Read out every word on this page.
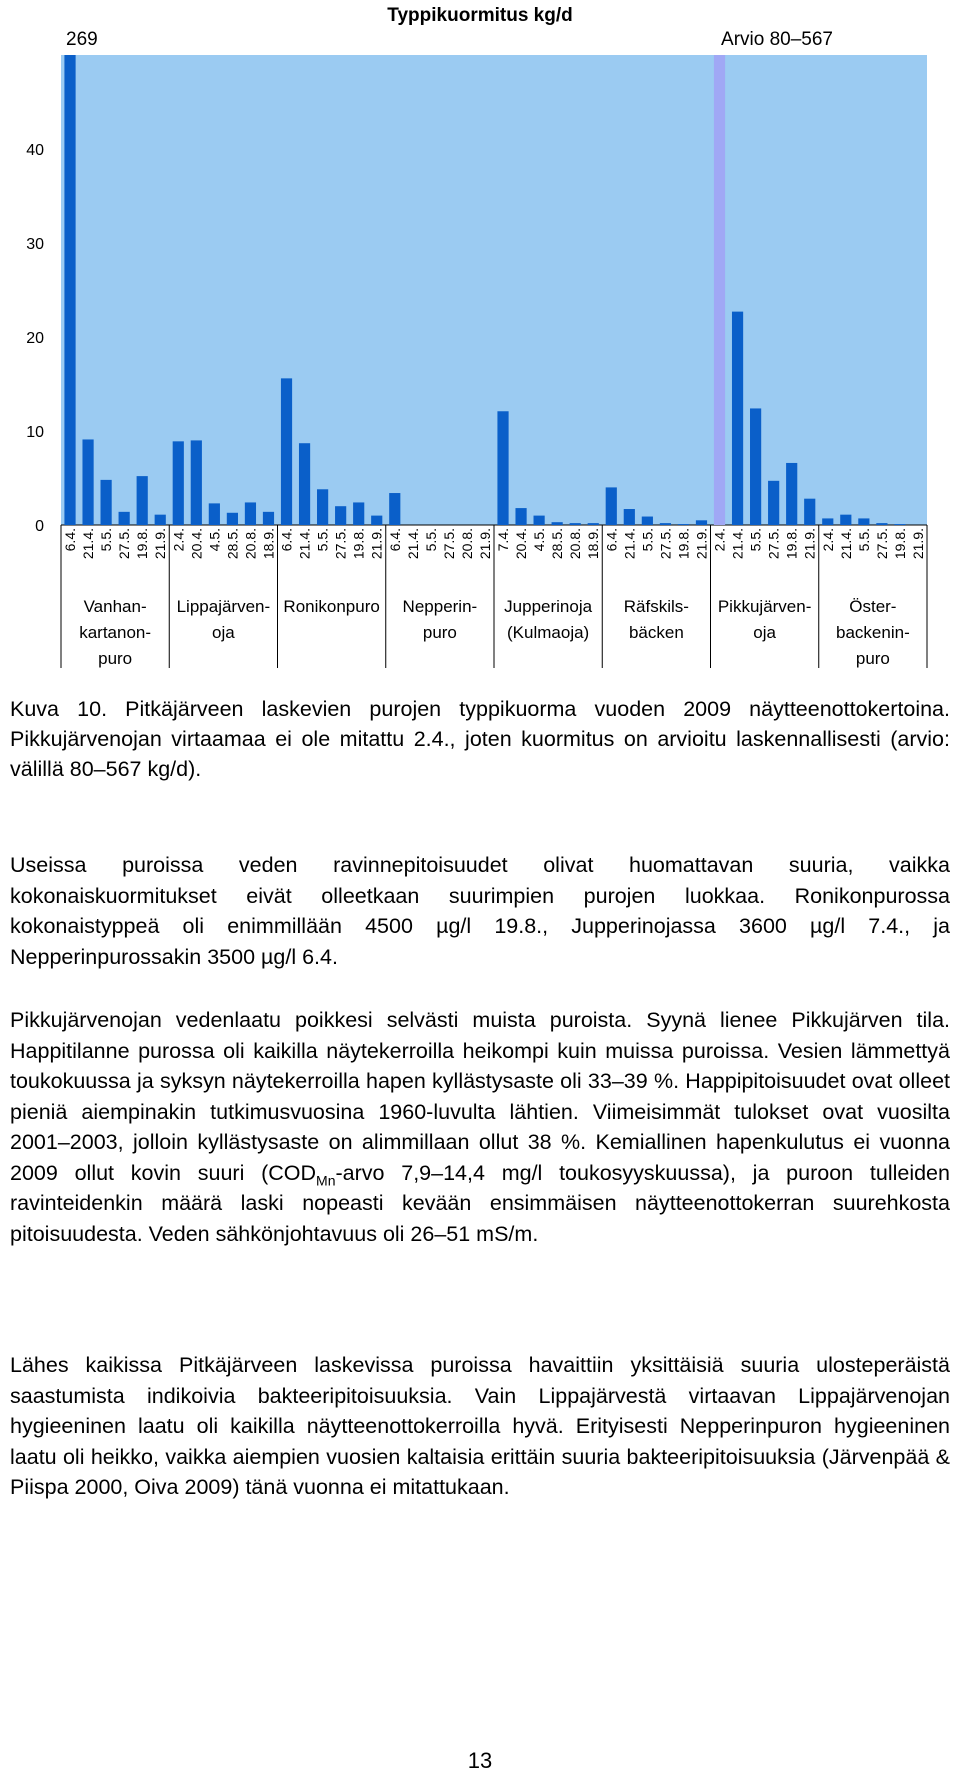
Typpikuormitus kg/d
0
10
20
30
40
6.4. 21.4. 5.5. 27.5. 19.8. 21.9. 2.4. 20.4. 4.5. 28.5. 20.8. 18.9. 6.4. 21.4. 5.5. 27.5. 19.8. 21.9. 6.4. 21.4. 5.5. 27.5. 20.8. 21.9. 7.4. 20.4. 4.5. 28.5. 20.8. 18.9. 6.4. 21.4. 5.5. 27.5. 19.8. 21.9. 2.4. 21.4. 5.5. 27.5. 19.8. 21.9. 2.4. 21.4. 5.5. 27.5. 19.8. 21.9.
Vanhan-
kartanon-
puro
Lippajärven-
oja
Ronikonpuro Nepperin-
puro
Jupperinoja
(Kulmaoja)
Räfskils-
bäcken
Pikkujärven-
oja
Öster-
backenin-
puro
269	Arvio 80–567

Kuva 10. Pitkäjärveen laskevien purojen typpikuorma vuoden 2009 näytteenottokertoina. Pikkujärvenojan virtaamaa ei ole mitattu 2.4., joten kuormitus on arvioitu laskennallisesti (arvio: välillä 80–567 kg/d).

Useissa puroissa veden ravinnepitoisuudet olivat huomattavan suuria, vaikka kokonaiskuormitukset eivät olleetkaan suurimpien purojen luokkaa. Ronikonpurossa kokonaistyppeä oli enimmillään 4500 µg/l 19.8., Jupperinojassa 3600 µg/l 7.4., ja Nepperinpurossakin 3500 µg/l 6.4.

Pikkujärvenojan vedenlaatu poikkesi selvästi muista puroista. Syynä lienee Pikkujärven tila. Happitilanne purossa oli kaikilla näytekerroilla heikompi kuin muissa puroissa. Vesien lämmettyä toukokuussa ja syksyn näytekerroilla hapen kyllästysaste oli 33–39 %. Happipitoisuudet ovat olleet pieniä aiempinakin tutkimusvuosina 1960-luvulta lähtien. Viimeisimmät tulokset ovat vuosilta 2001–2003, jolloin kyllästysaste on alimmillaan ollut 38 %. Kemiallinen hapenkulutus ei vuonna 2009 ollut kovin suuri ($COD_{Mn}$-arvo 7,9–14,4 mg/l toukosyyskuussa), ja puroon tulleiden ravinteidenkin määrä laski nopeasti kevään ensimmäisen näytteenottokerran suurehkosta pitoisuudesta. Veden sähkönjohtavuus oli 26–51 mS/m.

Lähes kaikissa Pitkäjärveen laskevissa puroissa havaittiin yksittäisiä suuria ulosteperäistä saastumista indikoivia bakteeripitoisuuksia. Vain Lippajärvestä virtaavan Lippajärvenojan hygieeninen laatu oli kaikilla näytteenottokerroilla hyvä. Erityisesti Nepperinpuron hygieeninen laatu oli heikko, vaikka aiempien vuosien kaltaisia erittäin suuria bakteeripitoisuuksia (Järvenpää & Piispa 2000, Oiva 2009) tänä vuonna ei mitattukaan.

13
